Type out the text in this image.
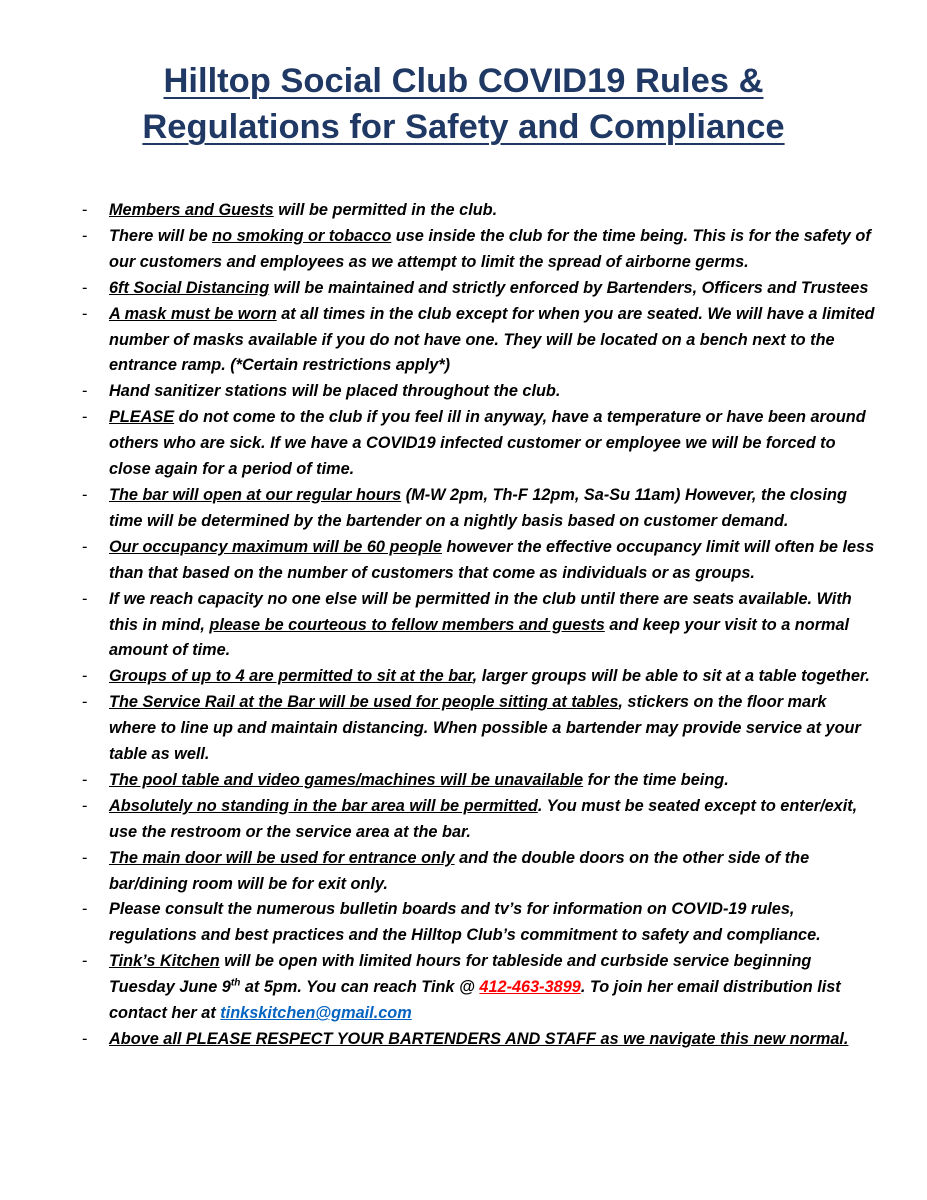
Hilltop Social Club COVID19 Rules &
Regulations for Safety and Compliance
- Members and Guests will be permitted in the club.
- There will be no smoking or tobacco use inside the club for the time being. This is for the safety of our customers and employees as we attempt to limit the spread of airborne germs.
- 6ft Social Distancing will be maintained and strictly enforced by Bartenders, Officers and Trustees
- A mask must be worn at all times in the club except for when you are seated. We will have a limited number of masks available if you do not have one. They will be located on a bench next to the entrance ramp. (*Certain restrictions apply*)
- Hand sanitizer stations will be placed throughout the club.
- PLEASE do not come to the club if you feel ill in anyway, have a temperature or have been around others who are sick. If we have a COVID19 infected customer or employee we will be forced to close again for a period of time.
- The bar will open at our regular hours (M-W 2pm, Th-F 12pm, Sa-Su 11am) However, the closing time will be determined by the bartender on a nightly basis based on customer demand.
- Our occupancy maximum will be 60 people however the effective occupancy limit will often be less than that based on the number of customers that come as individuals or as groups.
- If we reach capacity no one else will be permitted in the club until there are seats available. With this in mind, please be courteous to fellow members and guests and keep your visit to a normal amount of time.
- Groups of up to 4 are permitted to sit at the bar, larger groups will be able to sit at a table together.
- The Service Rail at the Bar will be used for people sitting at tables, stickers on the floor mark where to line up and maintain distancing. When possible a bartender may provide service at your table as well.
- The pool table and video games/machines will be unavailable for the time being.
- Absolutely no standing in the bar area will be permitted. You must be seated except to enter/exit, use the restroom or the service area at the bar.
- The main door will be used for entrance only and the double doors on the other side of the bar/dining room will be for exit only.
- Please consult the numerous bulletin boards and tv’s for information on COVID-19 rules, regulations and best practices and the Hilltop Club’s commitment to safety and compliance.
- Tink’s Kitchen will be open with limited hours for tableside and curbside service beginning Tuesday June 9th at 5pm. You can reach Tink @ 412-463-3899. To join her email distribution list contact her at tinkskitchen@gmail.com
- Above all PLEASE RESPECT YOUR BARTENDERS AND STAFF as we navigate this new normal.
